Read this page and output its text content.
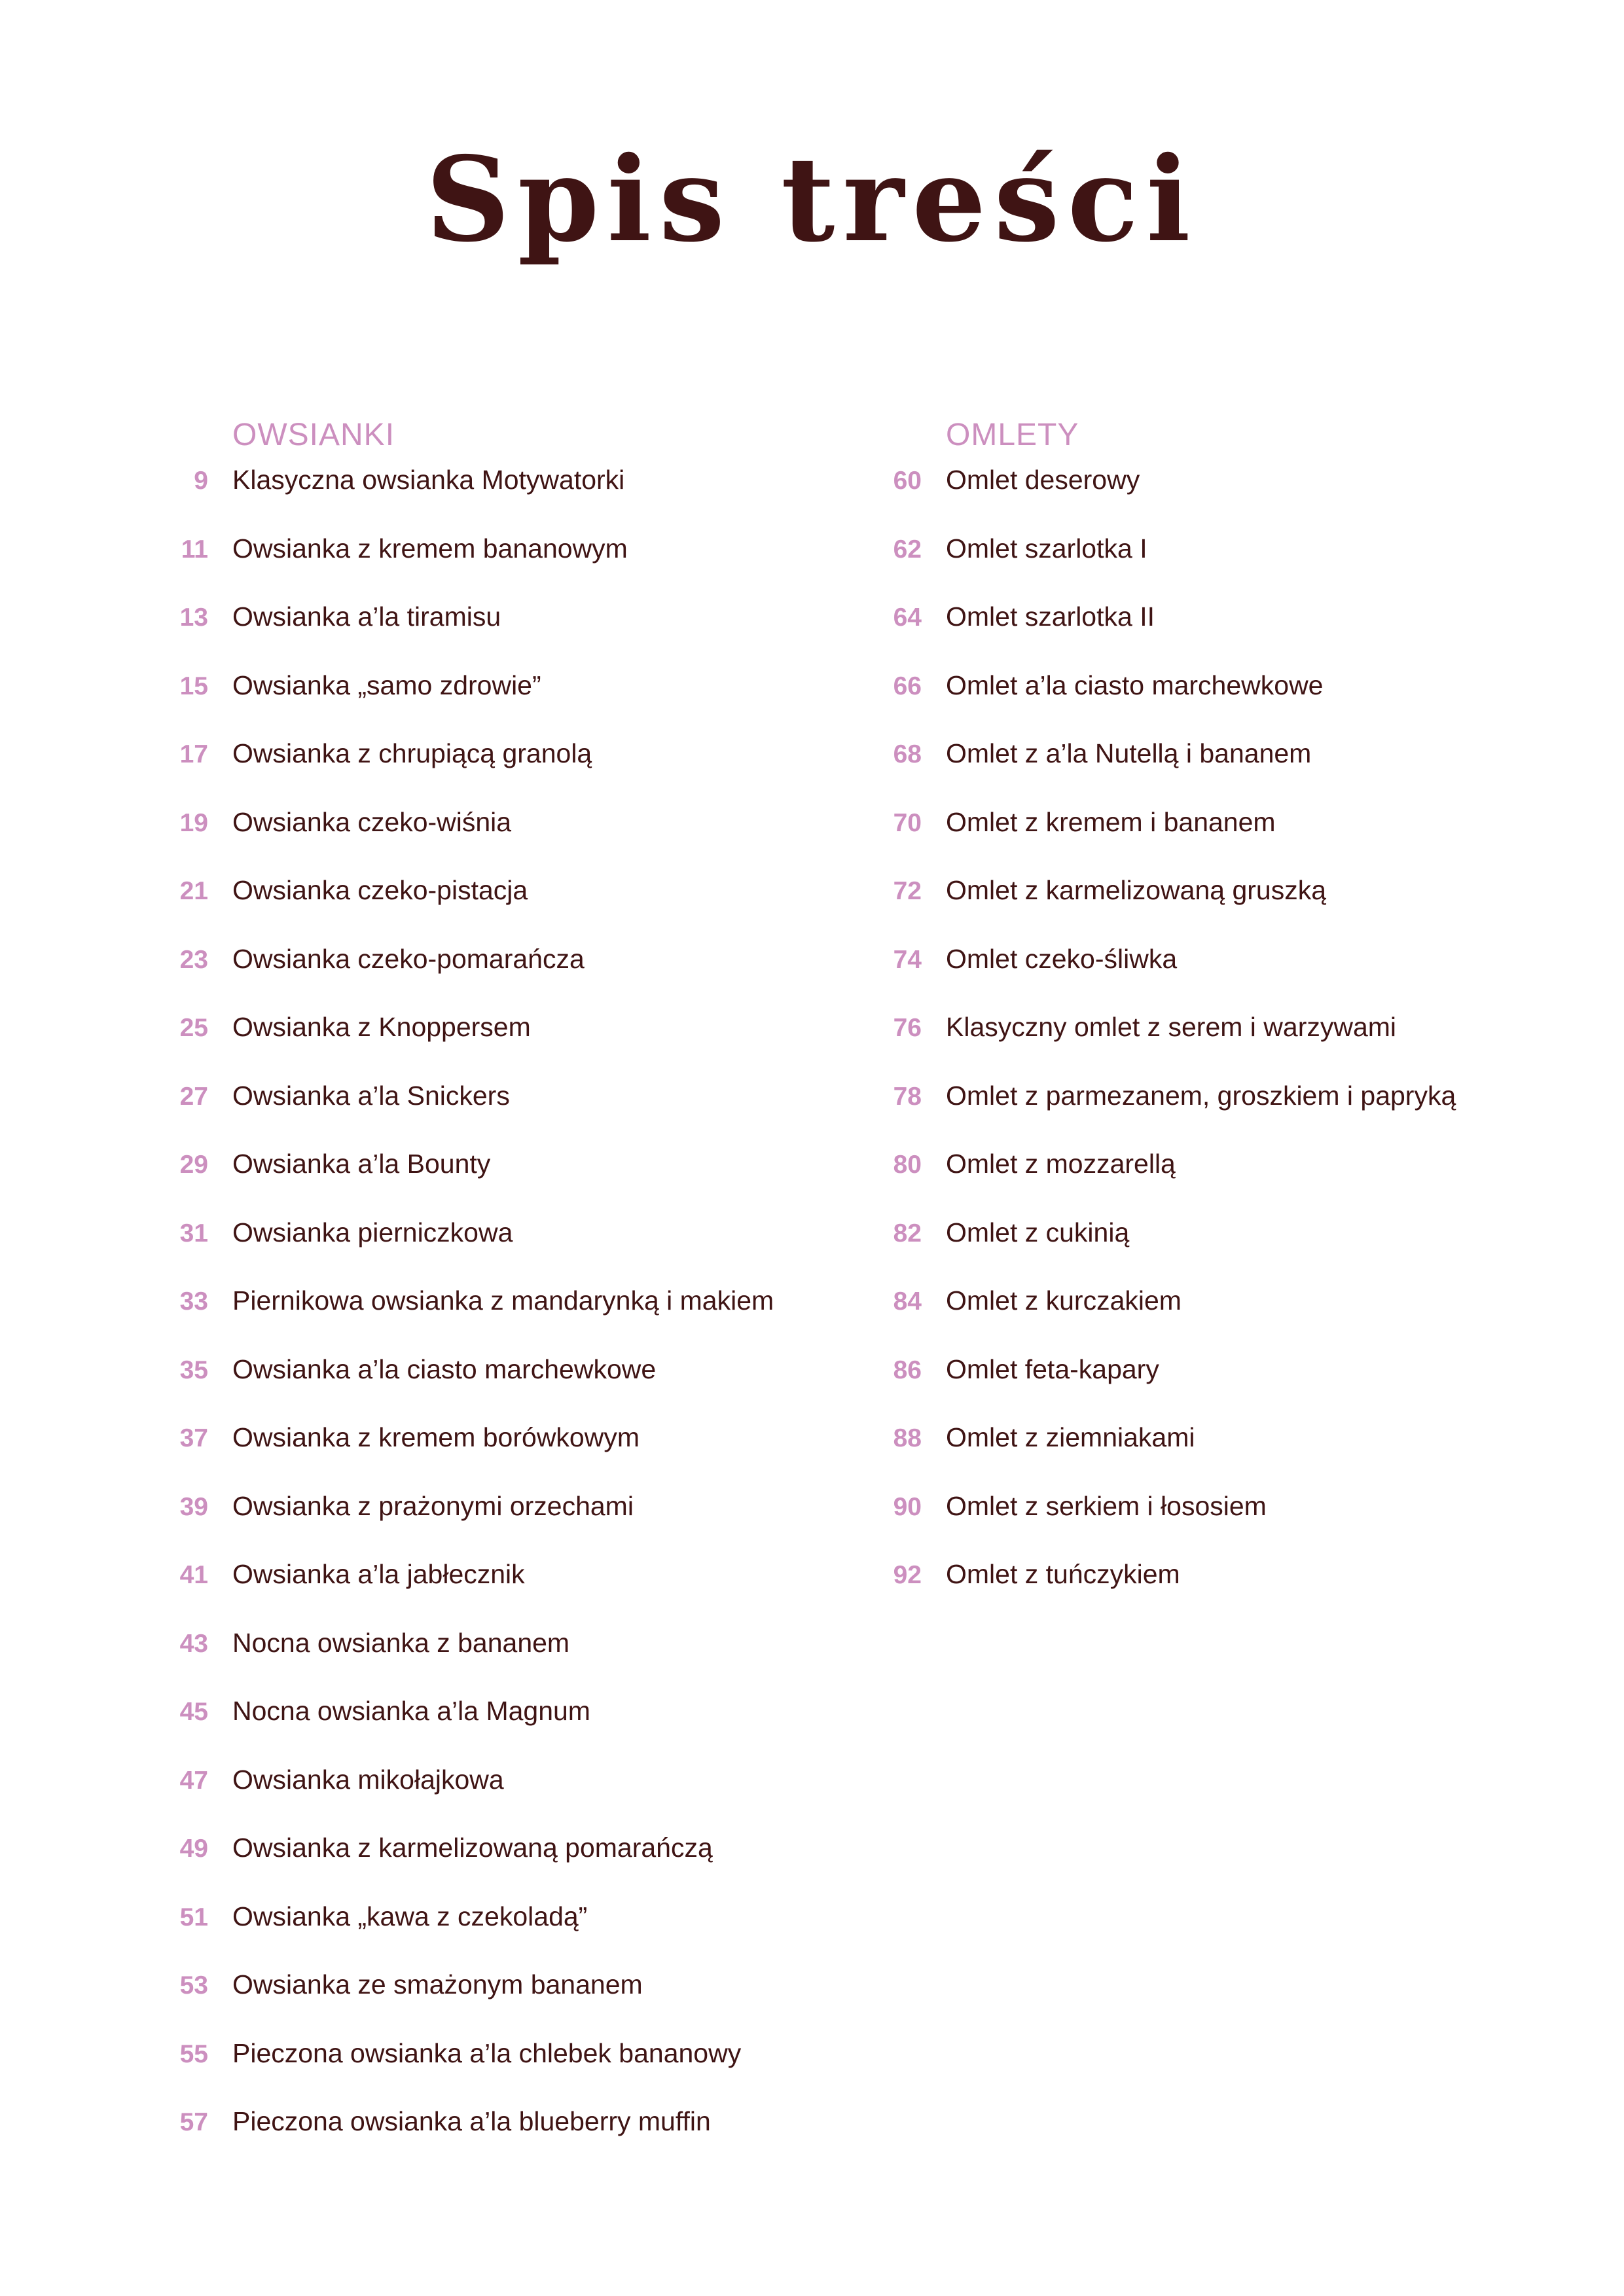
Spis treści
OWSIANKI
9 Klasyczna owsianka Motywatorki
11 Owsianka z kremem bananowym
13 Owsianka a’la tiramisu
15 Owsianka „samo zdrowie”
17 Owsianka z chrupiącą granolą
19 Owsianka czeko-wiśnia
21 Owsianka czeko-pistacja
23 Owsianka czeko-pomarańcza
25 Owsianka z Knoppersem
27 Owsianka a’la Snickers
29 Owsianka a’la Bounty
31 Owsianka pierniczkowa
33 Piernikowa owsianka z mandarynką i makiem
35 Owsianka a’la ciasto marchewkowe
37 Owsianka z kremem borówkowym
39 Owsianka z prażonymi orzechami
41 Owsianka a’la jabłecznik
43 Nocna owsianka z bananem
45 Nocna owsianka a’la Magnum
47 Owsianka mikołajkowa
49 Owsianka z karmelizowaną pomarańczą
51 Owsianka „kawa z czekoladą”
53 Owsianka ze smażonym bananem
55 Pieczona owsianka a’la chlebek bananowy
57 Pieczona owsianka a’la blueberry muffin
OMLETY
60 Omlet deserowy
62 Omlet szarlotka I
64 Omlet szarlotka II
66 Omlet a’la ciasto marchewkowe
68 Omlet z a’la Nutellą i bananem
70 Omlet z kremem i bananem
72 Omlet z karmelizowaną gruszką
74 Omlet czeko-śliwka
76 Klasyczny omlet z serem i warzywami
78 Omlet z parmezanem, groszkiem i papryką
80 Omlet z mozzarellą
82 Omlet z cukinią
84 Omlet z kurczakiem
86 Omlet feta-kapary
88 Omlet z ziemniakami
90 Omlet z serkiem i łososiem
92 Omlet z tuńczykiem
